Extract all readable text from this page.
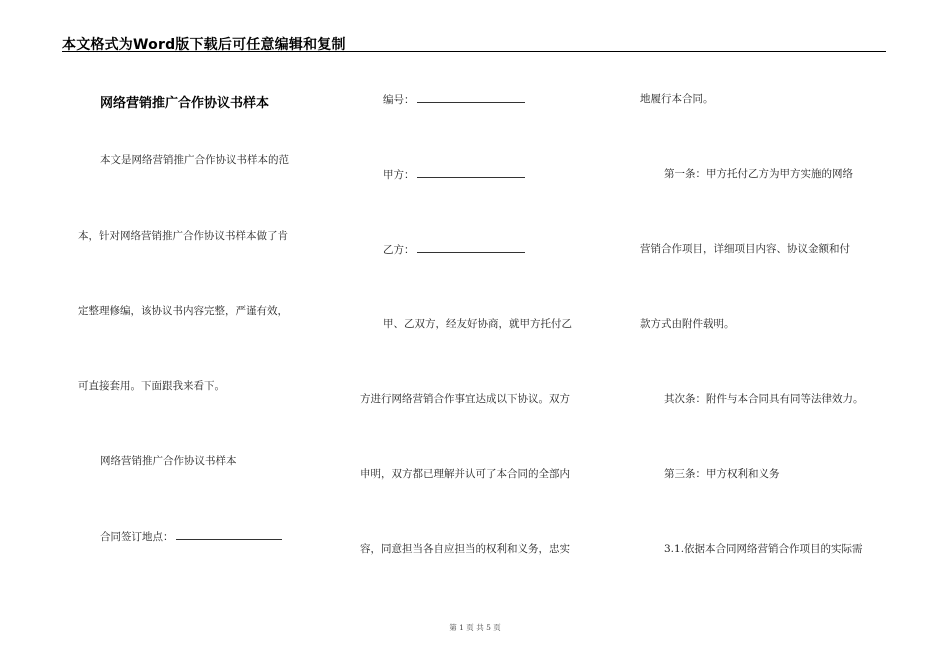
本文格式为Word版下载后可任意编辑和复制
网络营销推广合作协议书样本
本文是网络营销推广合作协议书样本的范
本，针对网络营销推广合作协议书样本做了肯
定整理修编，该协议书内容完整，严谨有效，
可直接套用。下面跟我来看下。
网络营销推广合作协议书样本
合同签订地点：
编号：
甲方：
乙方：
甲、乙双方，经友好协商，就甲方托付乙
方进行网络营销合作事宜达成以下协议。双方
申明，双方都已理解并认可了本合同的全部内
容，同意担当各自应担当的权利和义务，忠实
地履行本合同。
第一条：甲方托付乙方为甲方实施的网络
营销合作项目，详细项目内容、协议金额和付
款方式由附件载明。
其次条：附件与本合同具有同等法律效力。
第三条：甲方权利和义务
3.1.依据本合同网络营销合作项目的实际需
第 1 页 共 5 页
